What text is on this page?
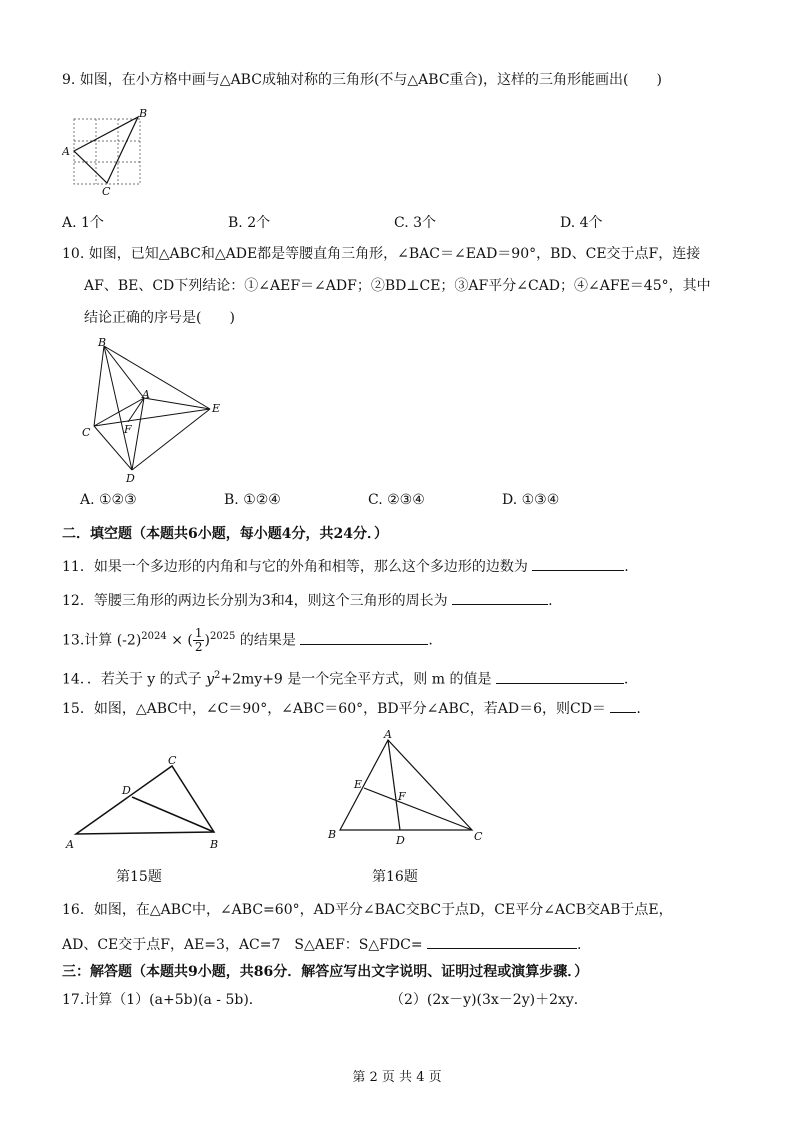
9. 如图，在小方格中画与△ABC成轴对称的三角形(不与△ABC重合)，这样的三角形能画出(　　)
A
B
C
A. 1个	B. 2个	C. 3个	D. 4个
10. 如图，已知△ABC和△ADE都是等腰直角三角形，∠BAC＝∠EAD＝90°，BD、CE交于点F，连接
AF、BE、CD下列结论：①∠AEF＝∠ADF；②BD⊥CE；③AF平分∠CAD；④∠AFE＝45°，其中
结论正确的序号是(　　)
B
A
E
C	F
D
A. ①②③	B. ①②④	C. ②③④	D. ①③④
二．填空题（本题共6小题，每小题4分，共24分．）
11．如果一个多边形的内角和与它的外角和相等，那么这个多边形的边数为	.
12．等腰三角形的两边长分别为3和4，则这个三角形的周长为	.
13.计算 $(-2)^{2024}$ × ( $\frac{1}{2} )^{2025}$ 的结果是	.
14．．若关于 y 的式子 $y^2+2my+9$ 是一个完全平方式，则 m 的值是	.
15．如图，△ABC中，∠C＝90°，∠ABC＝60°，BD平分∠ABC，若AD＝6，则CD＝ .
A	B
C
D
第15题
A
B	C
D
E
F
第16题
16．如图，在△ABC中，∠ABC=60°，AD平分∠BAC交BC于点D，CE平分∠ACB交AB于点E，
AD、CE交于点F，AE=3，AC=7　S△AEF：S△FDC=	.
三：解答题（本题共9小题，共86分．解答应写出文字说明、证明过程或演算步骤．）
17.计算（1）(a+5b)(a - 5b)．	（2）(2x－y)(3x－2y)＋2xy．
第 2 页 共 4 页
